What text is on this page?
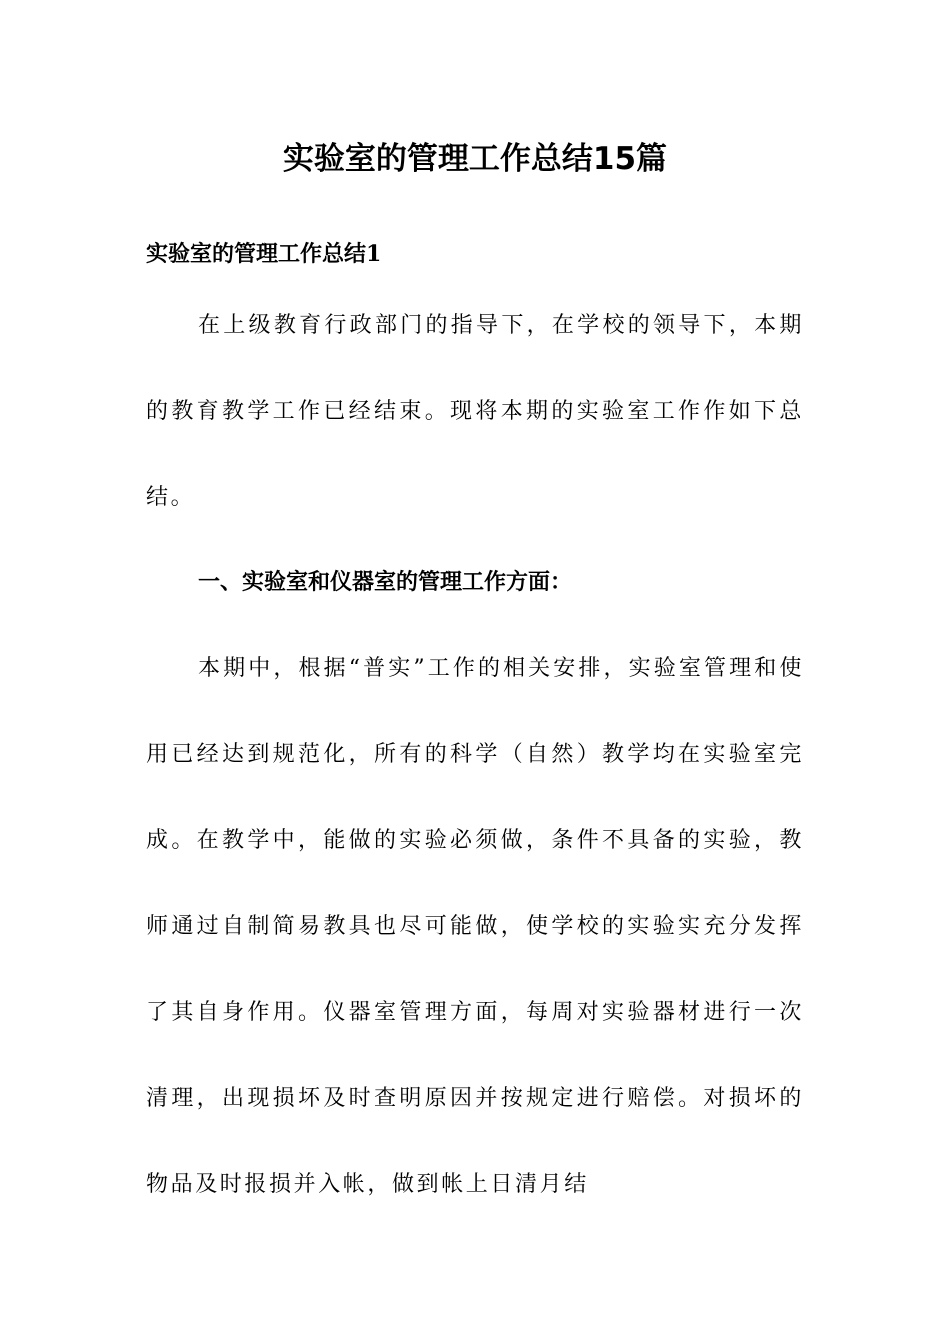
实验室的管理工作总结15篇
实验室的管理工作总结1

在上级教育行政部门的指导下，在学校的领导下，本期的教育教学工作已经结束。现将本期的实验室工作作如下总结。

一、实验室和仪器室的管理工作方面：

本期中，根据“普实”工作的相关安排，实验室管理和使用已经达到规范化，所有的科学（自然）教学均在实验室完成。在教学中，能做的实验必须做，条件不具备的实验，教师通过自制简易教具也尽可能做，使学校的实验实充分发挥了其自身作用。仪器室管理方面，每周对实验器材进行一次清理，出现损坏及时查明原因并按规定进行赔偿。对损坏的物品及时报损并入帐，做到帐上日清月结
